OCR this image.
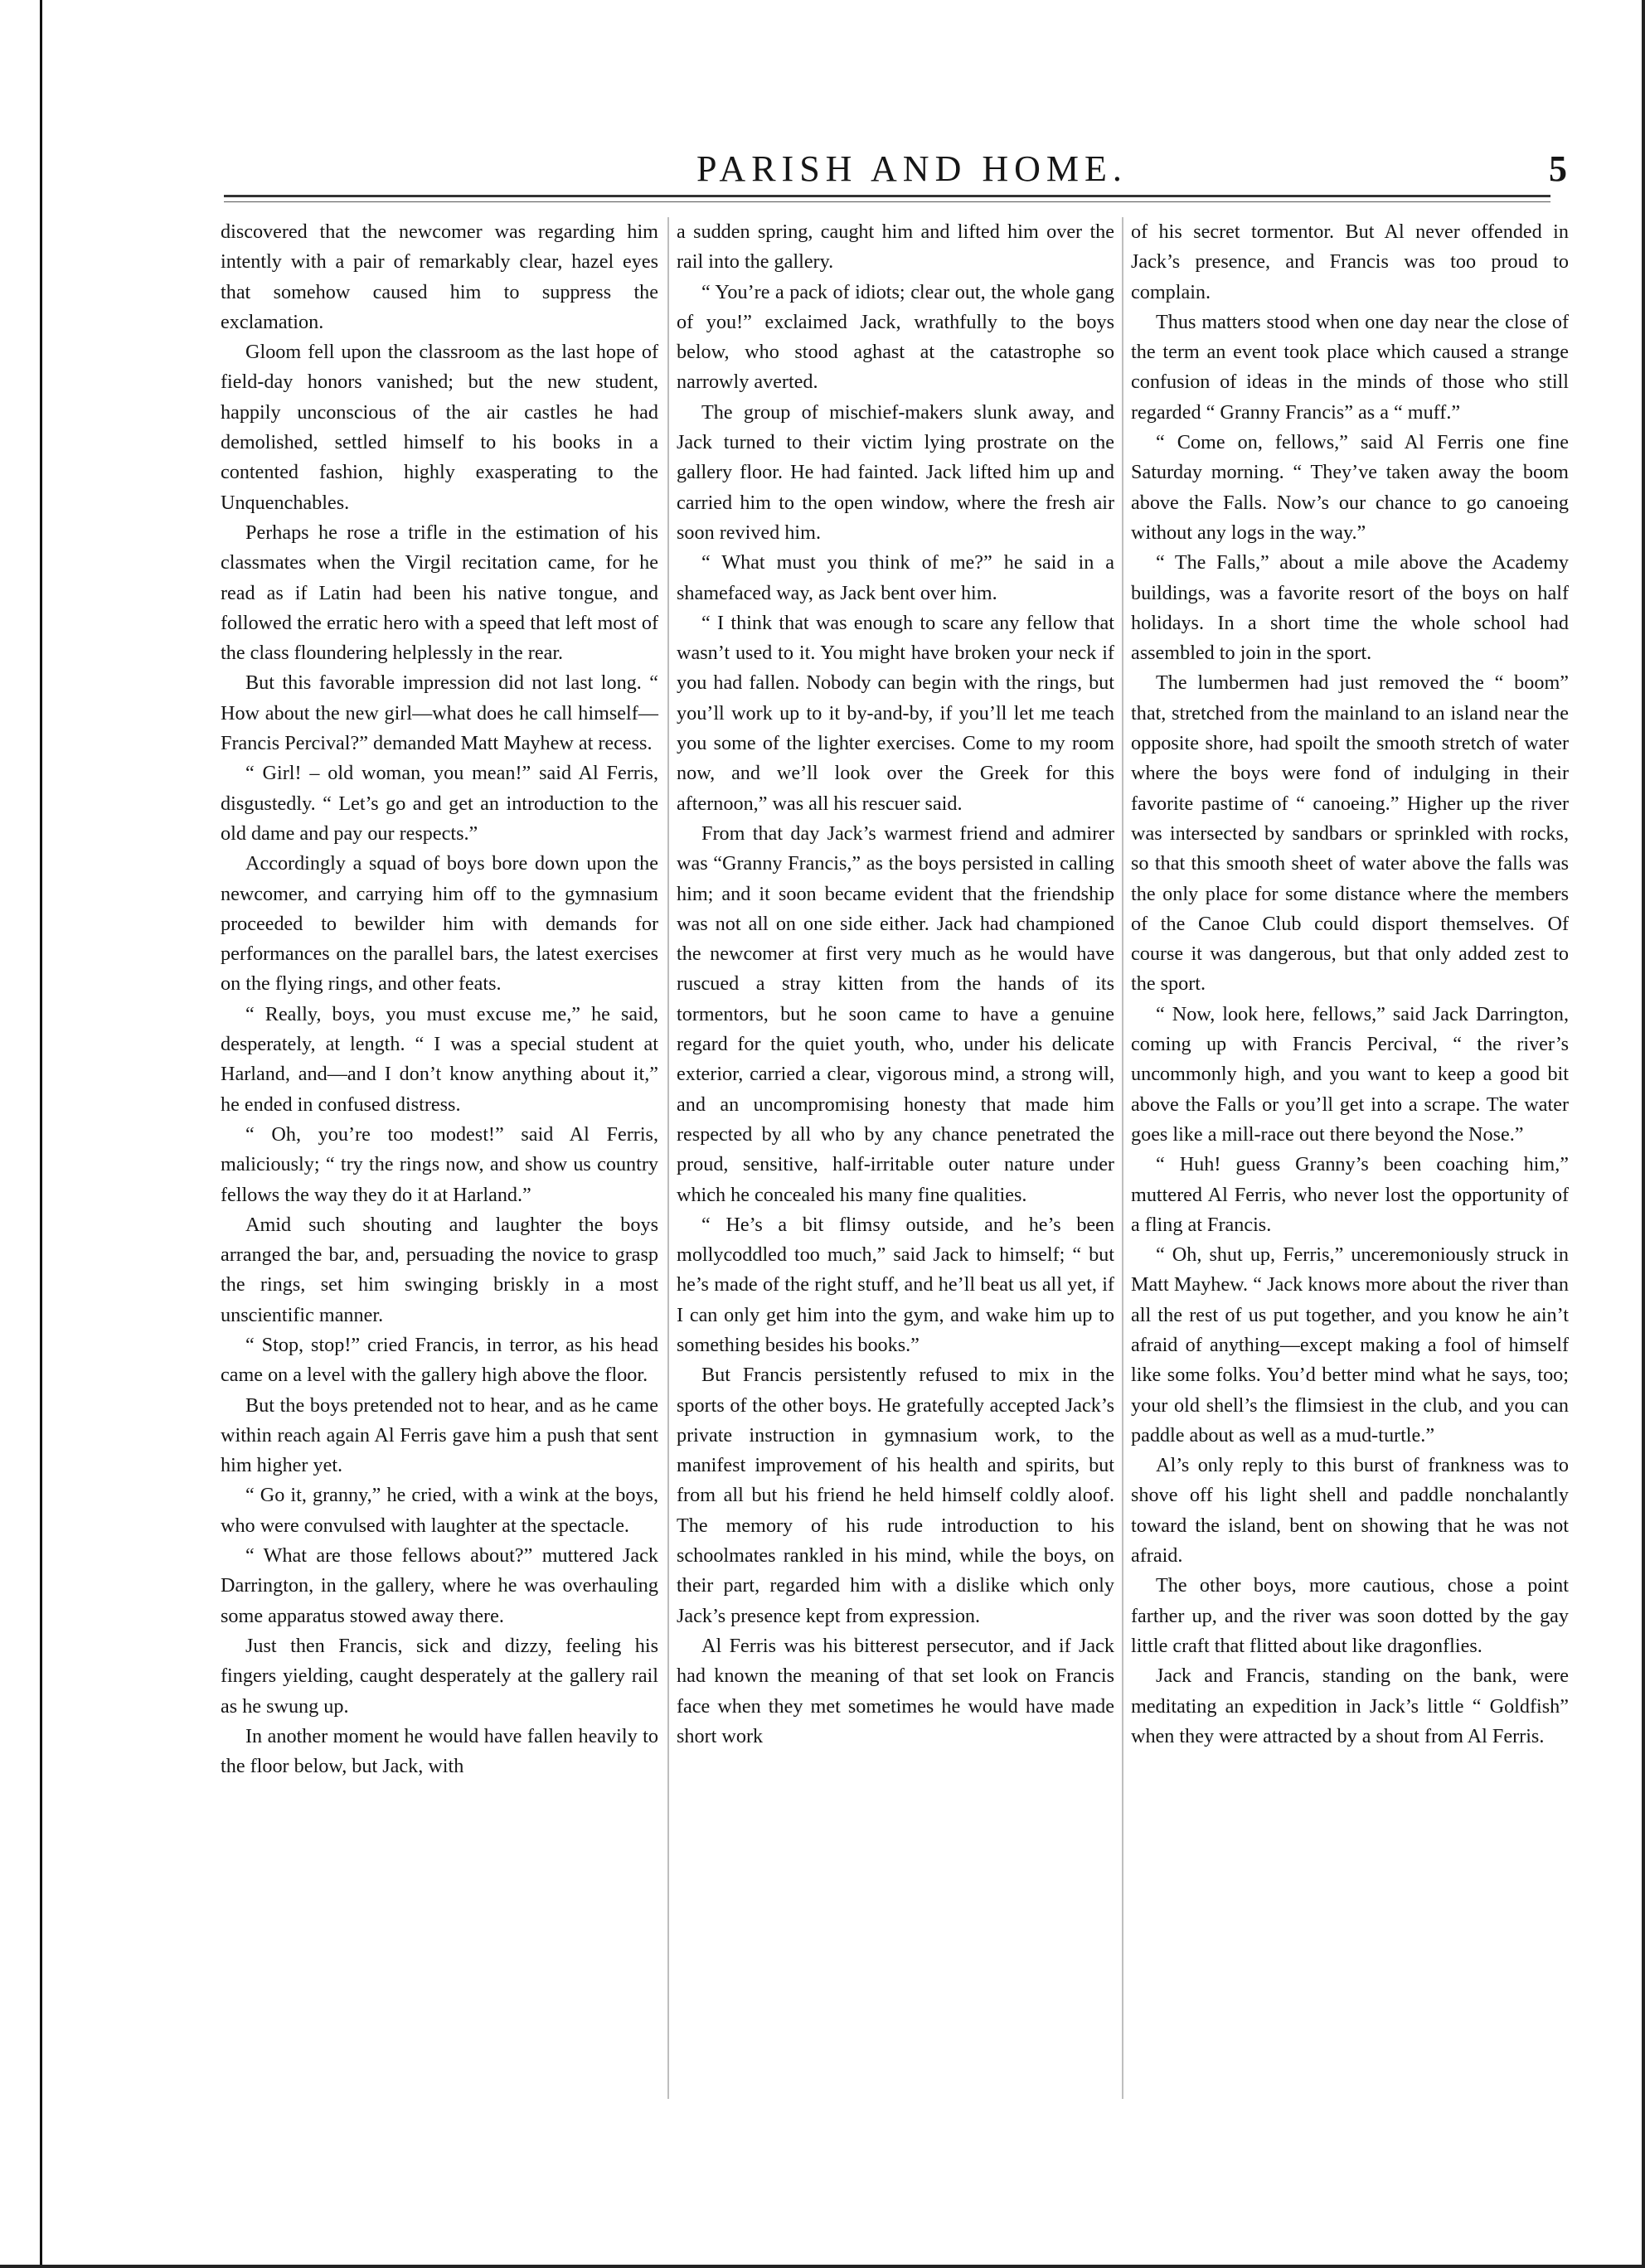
PARISH AND HOME.	5

discovered that the newcomer was regarding him intently with a pair of remarkably clear, hazel eyes that somehow caused him to suppress the exclamation.

Gloom fell upon the classroom as the last hope of field-day honors vanished; but the new student, happily unconscious of the air castles he had demolished, settled himself to his books in a contented fashion, highly exasperating to the Unquenchables.

Perhaps he rose a trifle in the estimation of his classmates when the Virgil recitation came, for he read as if Latin had been his native tongue, and followed the erratic hero with a speed that left most of the class floundering helplessly in the rear.

But this favorable impression did not last long. “ How about the new girl—what does he call himself—Francis Percival?” demanded Matt Mayhew at recess.

“ Girl! – old woman, you mean!” said Al Ferris, disgustedly. “ Let’s go and get an introduction to the old dame and pay our respects.”

Accordingly a squad of boys bore down upon the newcomer, and carrying him off to the gymnasium proceeded to bewilder him with demands for performances on the parallel bars, the latest exercises on the flying rings, and other feats.

“ Really, boys, you must excuse me,” he said, desperately, at length. “ I was a special student at Harland, and—and I don’t know anything about it,” he ended in confused distress.

“ Oh, you’re too modest!” said Al Ferris, maliciously; “ try the rings now, and show us country fellows the way they do it at Harland.”

Amid such shouting and laughter the boys arranged the bar, and, persuading the novice to grasp the rings, set him swinging briskly in a most unscientific manner.

“ Stop, stop!” cried Francis, in terror, as his head came on a level with the gallery high above the floor.

But the boys pretended not to hear, and as he came within reach again Al Ferris gave him a push that sent him higher yet.

“ Go it, granny,” he cried, with a wink at the boys, who were convulsed with laughter at the spectacle.

“ What are those fellows about?” muttered Jack Darrington, in the gallery, where he was overhauling some apparatus stowed away there.

Just then Francis, sick and dizzy, feeling his fingers yielding, caught desperately at the gallery rail as he swung up.

In another moment he would have fallen heavily to the floor below, but Jack, with

a sudden spring, caught him and lifted him over the rail into the gallery.

“ You’re a pack of idiots; clear out, the whole gang of you!” exclaimed Jack, wrathfully to the boys below, who stood aghast at the catastrophe so narrowly averted.

The group of mischief-makers slunk away, and Jack turned to their victim lying prostrate on the gallery floor. He had fainted. Jack lifted him up and carried him to the open window, where the fresh air soon revived him.

“ What must you think of me?” he said in a shamefaced way, as Jack bent over him.

“ I think that was enough to scare any fellow that wasn’t used to it. You might have broken your neck if you had fallen. Nobody can begin with the rings, but you’ll work up to it by-and-by, if you’ll let me teach you some of the lighter exercises. Come to my room now, and we’ll look over the Greek for this afternoon,” was all his rescuer said.

From that day Jack’s warmest friend and admirer was “Granny Francis,” as the boys persisted in calling him; and it soon became evident that the friendship was not all on one side either. Jack had championed the newcomer at first very much as he would have ruscued a stray kitten from the hands of its tormentors, but he soon came to have a genuine regard for the quiet youth, who, under his delicate exterior, carried a clear, vigorous mind, a strong will, and an uncompromising honesty that made him respected by all who by any chance penetrated the proud, sensitive, half-irritable outer nature under which he concealed his many fine qualities.

“ He’s a bit flimsy outside, and he’s been mollycoddled too much,” said Jack to himself; “ but he’s made of the right stuff, and he’ll beat us all yet, if I can only get him into the gym, and wake him up to something besides his books.”

But Francis persistently refused to mix in the sports of the other boys. He gratefully accepted Jack’s private instruction in gymnasium work, to the manifest improvement of his health and spirits, but from all but his friend he held himself coldly aloof. The memory of his rude introduction to his schoolmates rankled in his mind, while the boys, on their part, regarded him with a dislike which only Jack’s presence kept from expression.

Al Ferris was his bitterest persecutor, and if Jack had known the meaning of that set look on Francis face when they met sometimes he would have made short work

of his secret tormentor. But Al never offended in Jack’s presence, and Francis was too proud to complain.

Thus matters stood when one day near the close of the term an event took place which caused a strange confusion of ideas in the minds of those who still regarded “ Granny Francis” as a “ muff.”

“ Come on, fellows,” said Al Ferris one fine Saturday morning. “ They’ve taken away the boom above the Falls. Now’s our chance to go canoeing without any logs in the way.”

“ The Falls,” about a mile above the Academy buildings, was a favorite resort of the boys on half holidays. In a short time the whole school had assembled to join in the sport.

The lumbermen had just removed the “ boom” that, stretched from the mainland to an island near the opposite shore, had spoilt the smooth stretch of water where the boys were fond of indulging in their favorite pastime of “ canoeing.” Higher up the river was intersected by sandbars or sprinkled with rocks, so that this smooth sheet of water above the falls was the only place for some distance where the members of the Canoe Club could disport themselves. Of course it was dangerous, but that only added zest to the sport.

“ Now, look here, fellows,” said Jack Darrington, coming up with Francis Percival, “ the river’s uncommonly high, and you want to keep a good bit above the Falls or you’ll get into a scrape. The water goes like a mill-race out there beyond the Nose.”

“ Huh! guess Granny’s been coaching him,” muttered Al Ferris, who never lost the opportunity of a fling at Francis.

“ Oh, shut up, Ferris,” unceremoniously struck in Matt Mayhew. “ Jack knows more about the river than all the rest of us put together, and you know he ain’t afraid of anything—except making a fool of himself like some folks. You’d better mind what he says, too; your old shell’s the flimsiest in the club, and you can paddle about as well as a mud-turtle.”

Al’s only reply to this burst of frankness was to shove off his light shell and paddle nonchalantly toward the island, bent on showing that he was not afraid.

The other boys, more cautious, chose a point farther up, and the river was soon dotted by the gay little craft that flitted about like dragonflies.

Jack and Francis, standing on the bank, were meditating an expedition in Jack’s little “ Goldfish” when they were attracted by a shout from Al Ferris.
